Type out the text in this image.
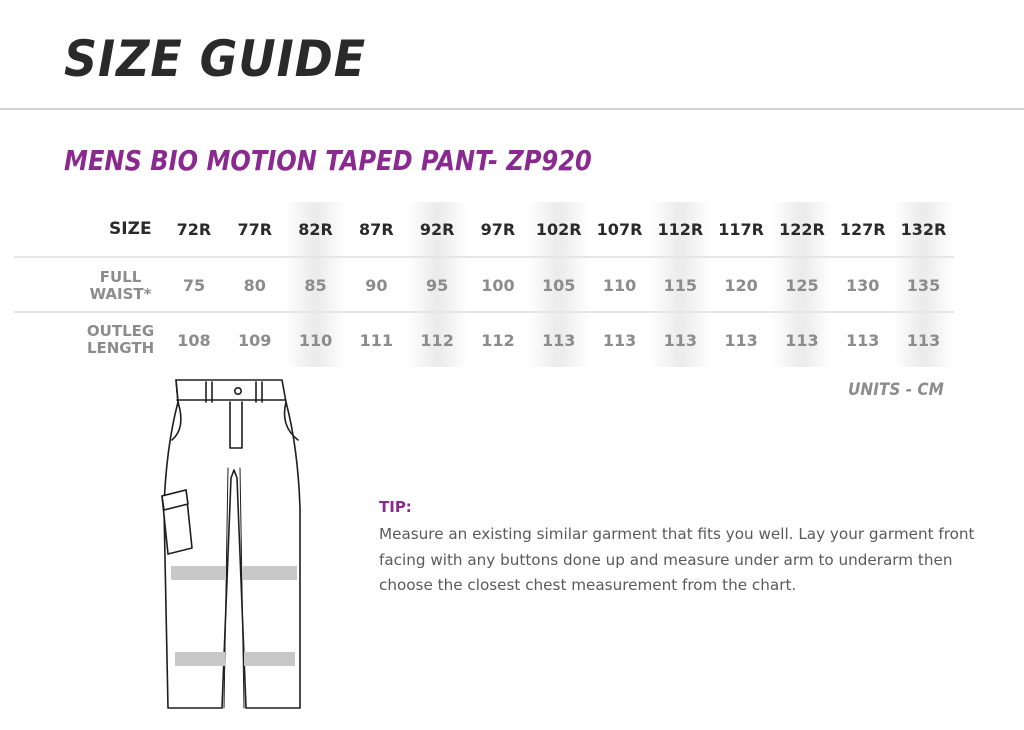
SIZE GUIDE
MENS BIO MOTION TAPED PANT- ZP920
SIZE	72R	77R	82R	87R	92R	97R	102R 107R 112R 117R 122R 127R 132R
FULL
WAIST*	75	80	85	90	95	100	105	110	115	120	125	130	135
OUTLEG
LENGTH	108	109	110	111	112	112	113	113	113	113	113	113	113

UNITS - CM

TIP:

Measure an existing similar garment that fits you well. Lay your garment front facing with any buttons done up and measure under arm to underarm then choose the closest chest measurement from the chart.
